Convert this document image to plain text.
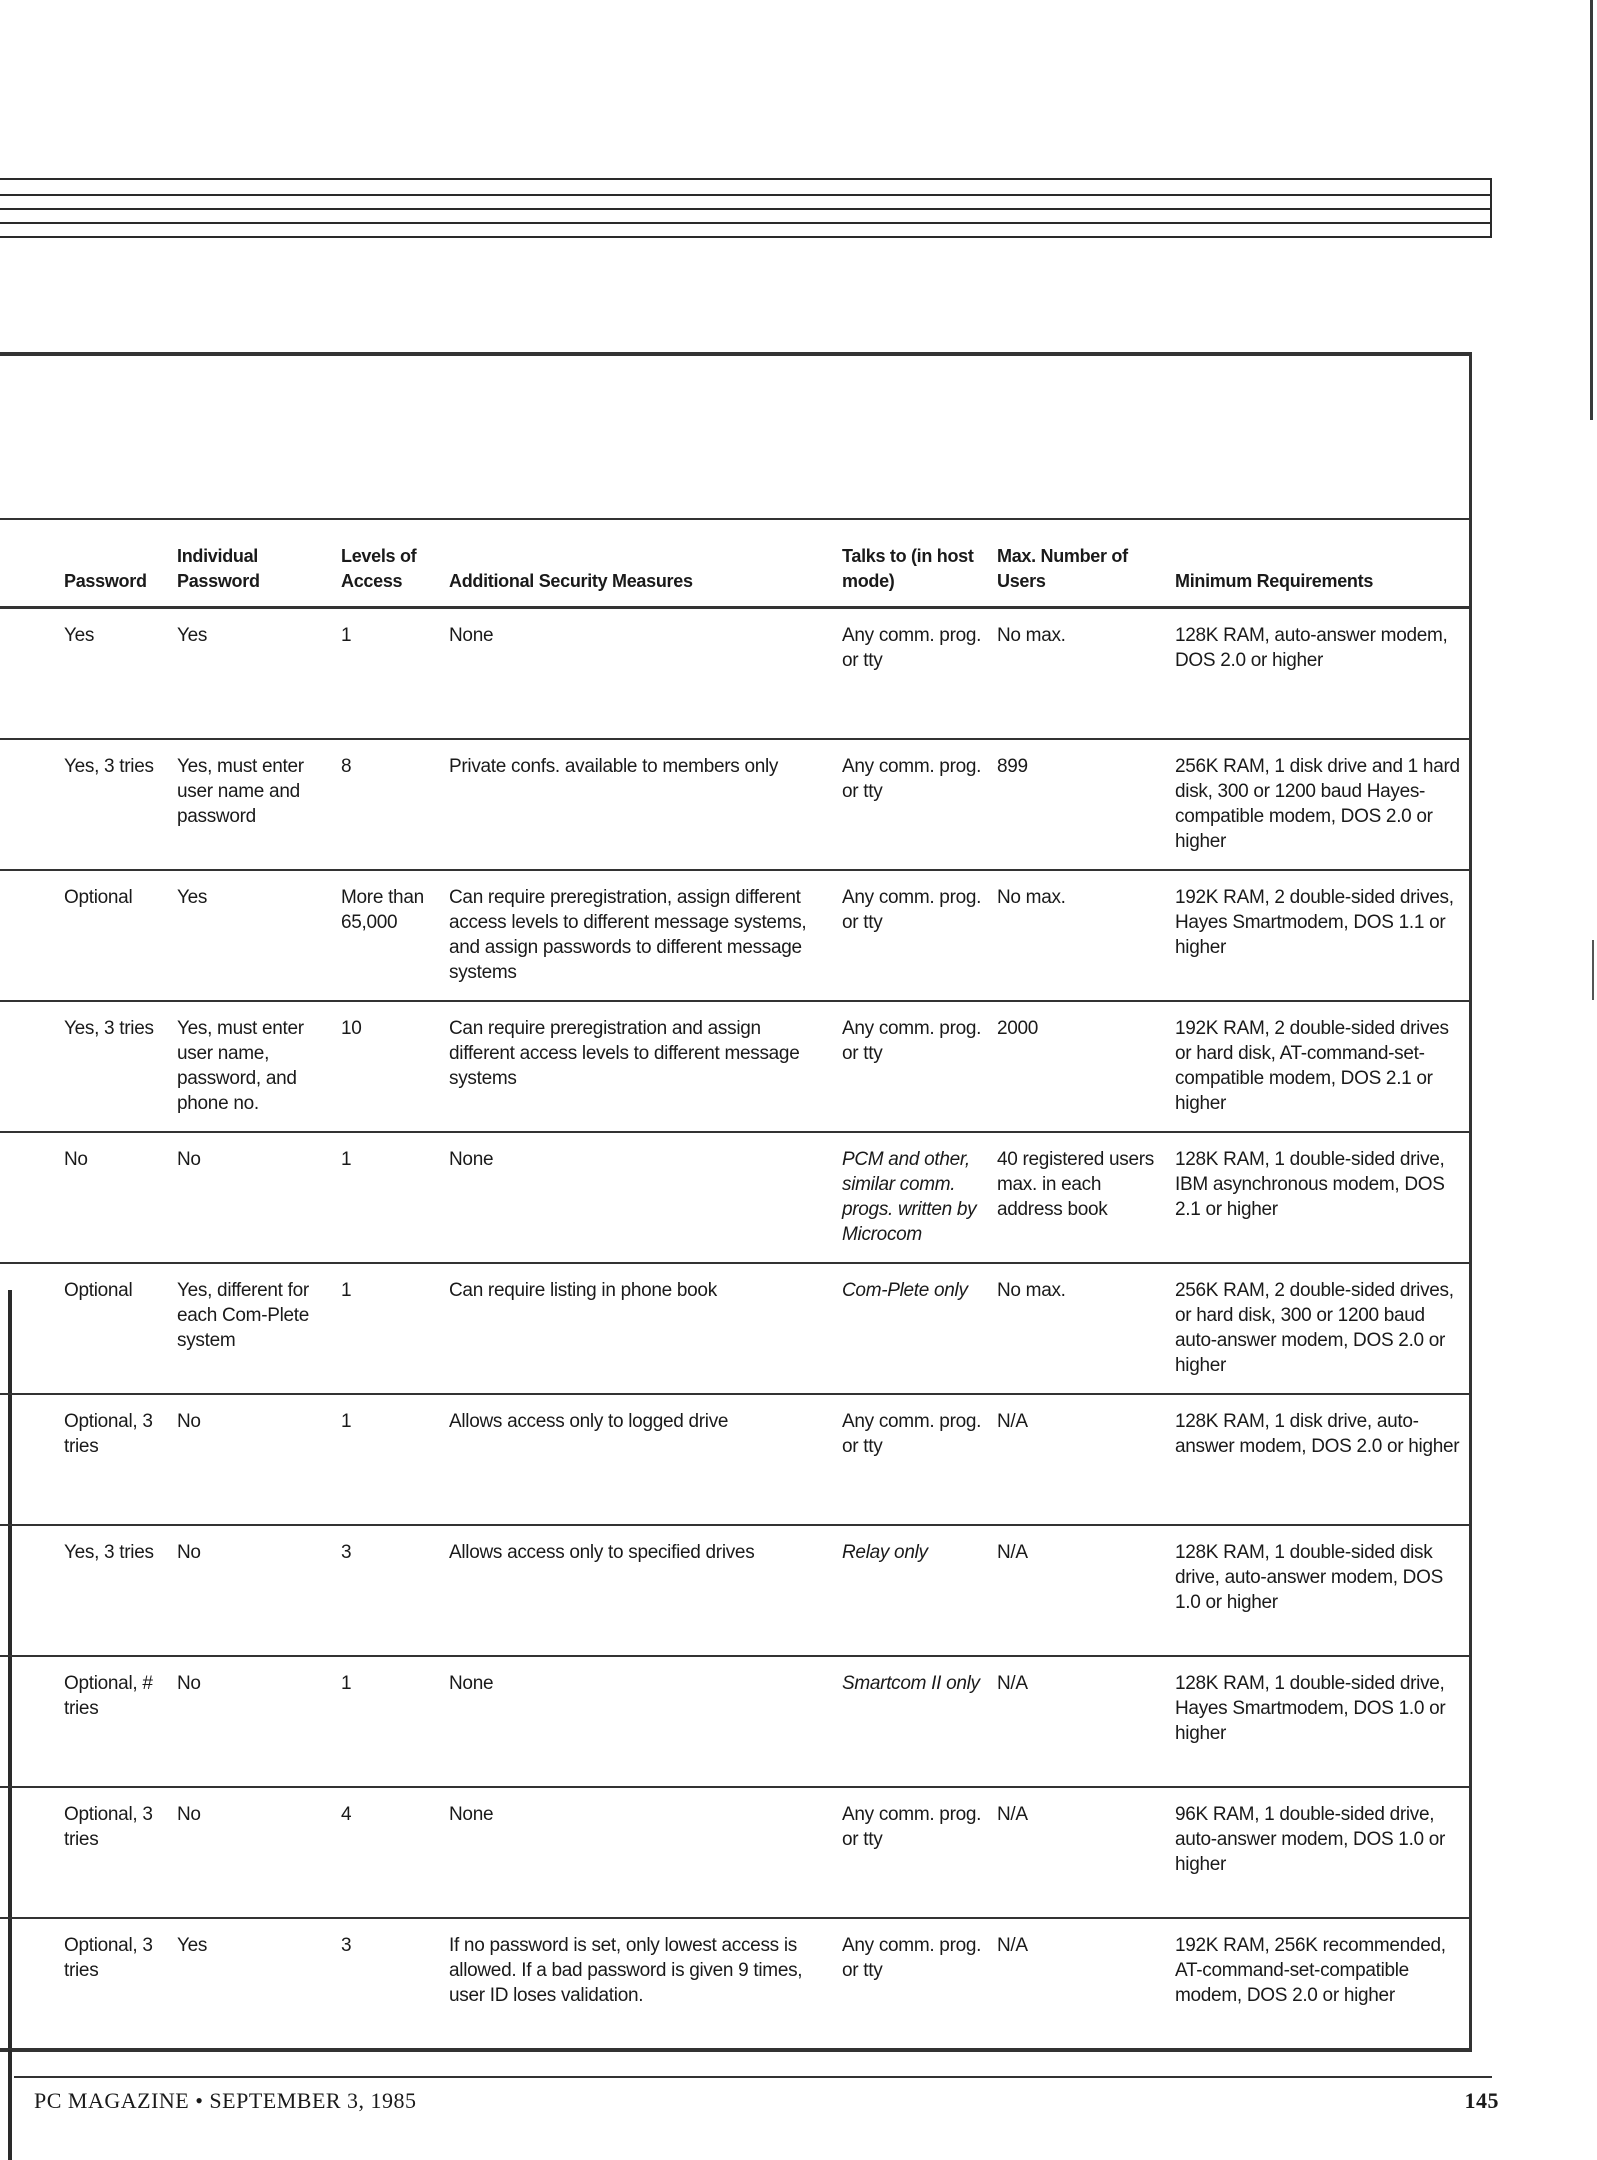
Password	Individual Password	Levels of Access	Additional Security Measures	Talks to (in host mode)	Max. Number of Users	Minimum Requirements
Yes	Yes	1	None	Any comm. prog. or tty	No max.	128K RAM, auto-answer modem, DOS 2.0 or higher
Yes, 3 tries	Yes, must enter user name and password	8	Private confs. available to members only	Any comm. prog. or tty	899	256K RAM, 1 disk drive and 1 hard disk, 300 or 1200 baud Hayes-compatible modem, DOS 2.0 or higher
Optional	Yes	More than 65,000	Can require preregistration, assign different access levels to different message systems, and assign passwords to different message systems	Any comm. prog. or tty	No max.	192K RAM, 2 double-sided drives, Hayes Smartmodem, DOS 1.1 or higher
Yes, 3 tries	Yes, must enter user name, password, and phone no.	10	Can require preregistration and assign different access levels to different message systems	Any comm. prog. or tty	2000	192K RAM, 2 double-sided drives or hard disk, AT-command-set-compatible modem, DOS 2.1 or higher
No	No	1	None	PCM and other, similar comm. progs. written by Microcom	40 registered users max. in each address book	128K RAM, 1 double-sided drive, IBM asynchronous modem, DOS 2.1 or higher
Optional	Yes, different for each Com-Plete system	1	Can require listing in phone book	Com-Plete only	No max.	256K RAM, 2 double-sided drives, or hard disk, 300 or 1200 baud auto-answer modem, DOS 2.0 or higher
Optional, 3 tries	No	1	Allows access only to logged drive	Any comm. prog. or tty	N/A	128K RAM, 1 disk drive, auto-answer modem, DOS 2.0 or higher
Yes, 3 tries	No	3	Allows access only to specified drives	Relay only	N/A	128K RAM, 1 double-sided disk drive, auto-answer modem, DOS 1.0 or higher
Optional, # tries	No	1	None	Smartcom II only	N/A	128K RAM, 1 double-sided drive, Hayes Smartmodem, DOS 1.0 or higher
Optional, 3 tries	No	4	None	Any comm. prog. or tty	N/A	96K RAM, 1 double-sided drive, auto-answer modem, DOS 1.0 or higher
Optional, 3 tries	Yes	3	If no password is set, only lowest access is allowed. If a bad password is given 9 times, user ID loses validation.	Any comm. prog. or tty	N/A	192K RAM, 256K recommended, AT-command-set-compatible modem, DOS 2.0 or higher
PC MAGAZINE • SEPTEMBER 3, 1985	145
